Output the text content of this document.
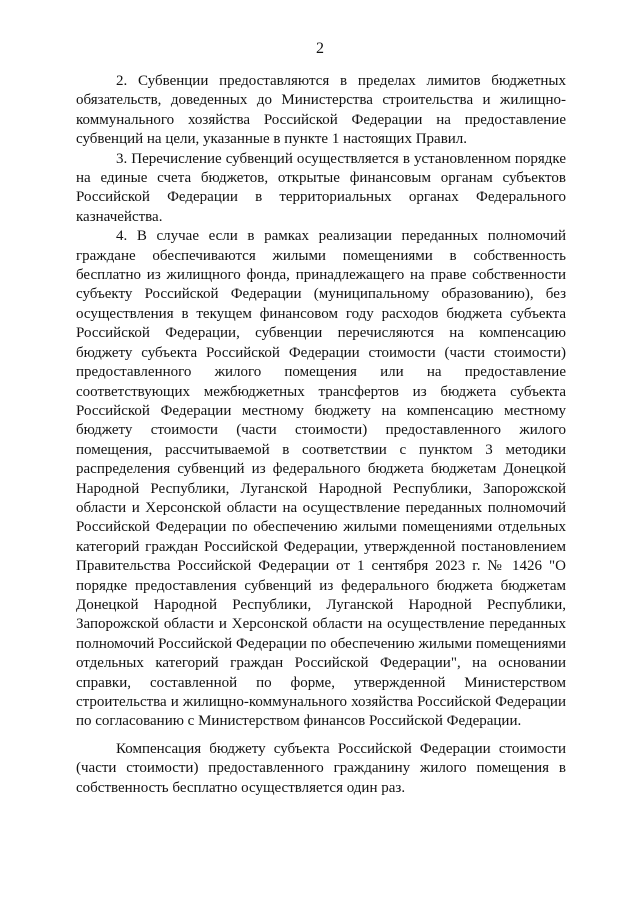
2

2. Субвенции предоставляются в пределах лимитов бюджетных обязательств, доведенных до Министерства строительства и жилищно-коммунального хозяйства Российской Федерации на предоставление субвенций на цели, указанные в пункте 1 настоящих Правил.

3. Перечисление субвенций осуществляется в установленном порядке на единые счета бюджетов, открытые финансовым органам субъектов Российской Федерации в территориальных органах Федерального казначейства.

4. В случае если в рамках реализации переданных полномочий граждане обеспечиваются жилыми помещениями в собственность бесплатно из жилищного фонда, принадлежащего на праве собственности субъекту Российской Федерации (муниципальному образованию), без осуществления в текущем финансовом году расходов бюджета субъекта Российской Федерации, субвенции перечисляются на компенсацию бюджету субъекта Российской Федерации стоимости (части стоимости) предоставленного жилого помещения или на предоставление соответствующих межбюджетных трансфертов из бюджета субъекта Российской Федерации местному бюджету на компенсацию местному бюджету стоимости (части стоимости) предоставленного жилого помещения, рассчитываемой в соответствии с пунктом 3 методики распределения субвенций из федерального бюджета бюджетам Донецкой Народной Республики, Луганской Народной Республики, Запорожской области и Херсонской области на осуществление переданных полномочий Российской Федерации по обеспечению жилыми помещениями отдельных категорий граждан Российской Федерации, утвержденной постановлением Правительства Российской Федерации от 1 сентября 2023 г. № 1426 "О порядке предоставления субвенций из федерального бюджета бюджетам Донецкой Народной Республики, Луганской Народной Республики, Запорожской области и Херсонской области на осуществление переданных полномочий Российской Федерации по обеспечению жилыми помещениями отдельных категорий граждан Российской Федерации", на основании справки, составленной по форме, утвержденной Министерством строительства и жилищно-коммунального хозяйства Российской Федерации по согласованию с Министерством финансов Российской Федерации.

Компенсация бюджету субъекта Российской Федерации стоимости (части стоимости) предоставленного гражданину жилого помещения в собственность бесплатно осуществляется один раз.
